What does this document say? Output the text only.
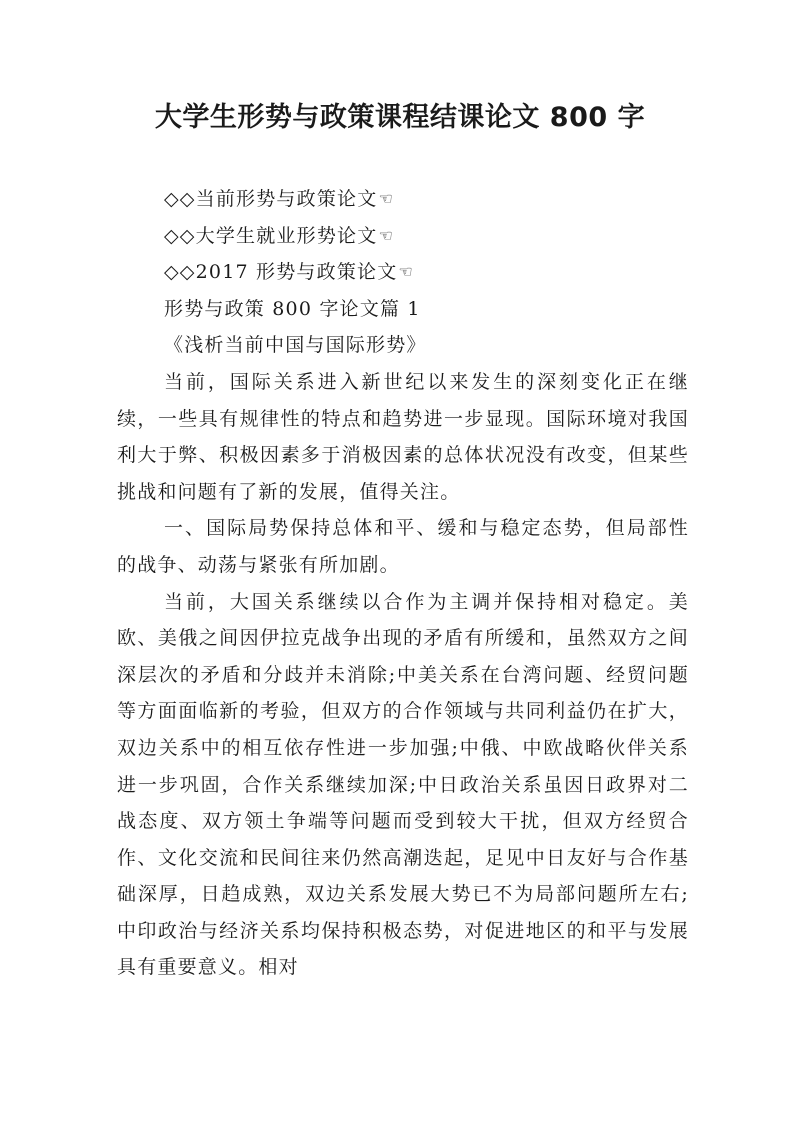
大学生形势与政策课程结课论文 800 字
◇◇当前形势与政策论文☜
◇◇大学生就业形势论文☜
◇◇2017 形势与政策论文☜
形势与政策 800 字论文篇 1
《浅析当前中国与国际形势》

当前，国际关系进入新世纪以来发生的深刻变化正在继续，一些具有规律性的特点和趋势进一步显现。国际环境对我国利大于弊、积极因素多于消极因素的总体状况没有改变，但某些挑战和问题有了新的发展，值得关注。

一、国际局势保持总体和平、缓和与稳定态势，但局部性的战争、动荡与紧张有所加剧。

当前，大国关系继续以合作为主调并保持相对稳定。美欧、美俄之间因伊拉克战争出现的矛盾有所缓和，虽然双方之间深层次的矛盾和分歧并未消除;中美关系在台湾问题、经贸问题等方面面临新的考验，但双方的合作领域与共同利益仍在扩大，双边关系中的相互依存性进一步加强;中俄、中欧战略伙伴关系进一步巩固，合作关系继续加深;中日政治关系虽因日政界对二战态度、双方领土争端等问题而受到较大干扰，但双方经贸合作、文化交流和民间往来仍然高潮迭起，足见中日友好与合作基础深厚，日趋成熟，双边关系发展大势已不为局部问题所左右;中印政治与经济关系均保持积极态势，对促进地区的和平与发展具有重要意义。相对
